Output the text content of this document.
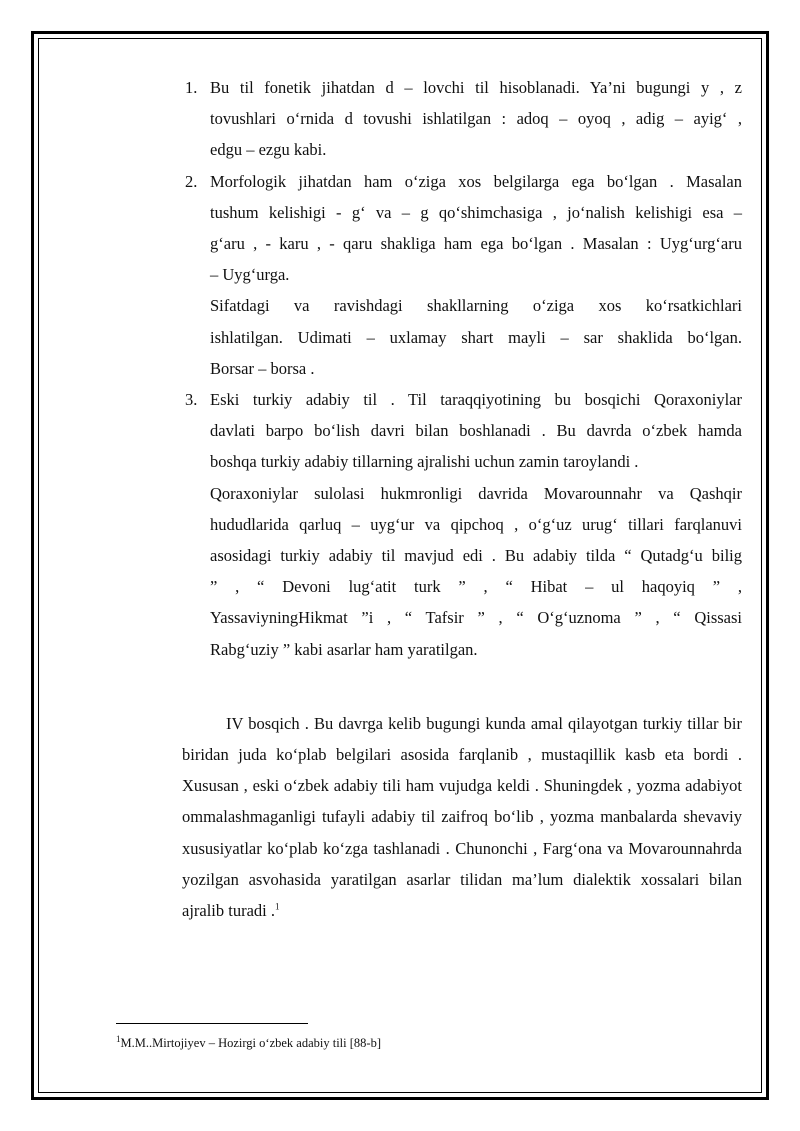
1. Bu til fonetik jihatdan d – lovchi til hisoblanadi. Ya’ni bugungi y , z
tovushlari o‘rnida d tovushi ishlatilgan : adoq – oyoq , adig – ayig‘ ,
edgu – ezgu kabi.
2. Morfologik jihatdan ham o‘ziga xos belgilarga ega bo‘lgan . Masalan
tushum kelishigi - g‘ va – g qo‘shimchasiga , jo‘nalish kelishigi esa –
g‘aru , - karu , - qaru shakliga ham ega bo‘lgan . Masalan : Uyg‘urg‘aru
– Uyg‘urga.
Sifatdagi va ravishdagi shakllarning o‘ziga xos ko‘rsatkichlari
ishlatilgan. Udimati – uxlamay shart mayli – sar shaklida bo‘lgan.
Borsar – borsa .
3. Eski turkiy adabiy til . Til taraqqiyotining bu bosqichi Qoraxoniylar
davlati barpo bo‘lish davri bilan boshlanadi . Bu davrda o‘zbek hamda
boshqa turkiy adabiy tillarning ajralishi uchun zamin taroylandi .
Qoraxoniylar sulolasi hukmronligi davrida Movarounnahr va Qashqir
hududlarida qarluq – uyg‘ur va qipchoq , o‘g‘uz urug‘ tillari farqlanuvi
asosidagi turkiy adabiy til mavjud edi . Bu adabiy tilda “ Qutadg‘u bilig
” , “ Devoni lug‘atit turk ” , “ Hibat – ul haqoyiq ” ,
YassaviyningHikmat ”i , “ Tafsir ” , “ O‘g‘uznoma ” , “ Qissasi
Rabg‘uziy ” kabi asarlar ham yaratilgan.

IV bosqich . Bu davrga kelib bugungi kunda amal qilayotgan turkiy tillar bir biridan juda ko‘plab belgilari asosida farqlanib , mustaqillik kasb eta bordi . Xususan , eski o‘zbek adabiy tili ham vujudga keldi . Shuningdek , yozma adabiyot ommalashmaganligi tufayli adabiy til zaifroq bo‘lib , yozma manbalarda shevaviy xususiyatlar ko‘plab ko‘zga tashlanadi . Chunonchi , Farg‘ona va Movarounnahrda yozilgan asvohasida yaratilgan asarlar tilidan ma’lum dialektik xossalari bilan ajralib turadi .$^1$

$^1$M.M..Mirtojiyev – Hozirgi o‘zbek adabiy tili [88-b]
